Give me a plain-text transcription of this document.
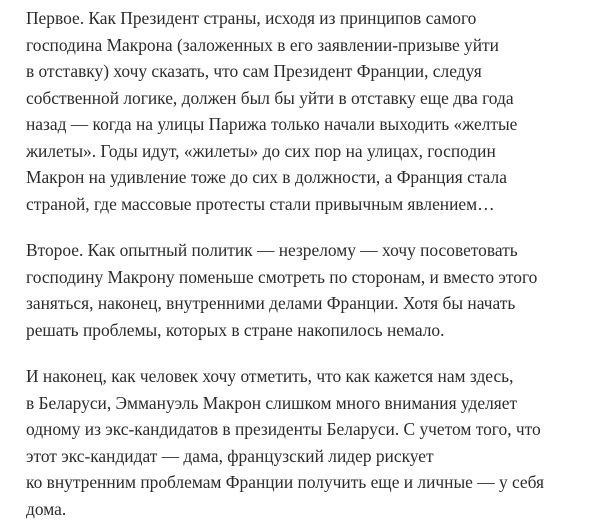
Первое. Как Президент страны, исходя из принципов самого
господина Макрона (заложенных в его заявлении-призыве уйти
в отставку) хочу сказать, что сам Президент Франции, следуя
собственной логике, должен был бы уйти в отставку еще два года
назад — когда на улицы Парижа только начали выходить «желтые
жилеты». Годы идут, «жилеты» до сих пор на улицах, господин
Макрон на удивление тоже до сих в должности, а Франция стала
страной, где массовые протесты стали привычным явлением…

Второе. Как опытный политик — незрелому — хочу посоветовать
господину Макрону поменьше смотреть по сторонам, и вместо этого
заняться, наконец, внутренними делами Франции. Хотя бы начать
решать проблемы, которых в стране накопилось немало.

И наконец, как человек хочу отметить, что как кажется нам здесь,
в Беларуси, Эммануэль Макрон слишком много внимания уделяет
одному из экс-кандидатов в президенты Беларуси. С учетом того, что
этот экс-кандидат — дама, французский лидер рискует
ко внутренним проблемам Франции получить еще и личные — у себя
дома.
